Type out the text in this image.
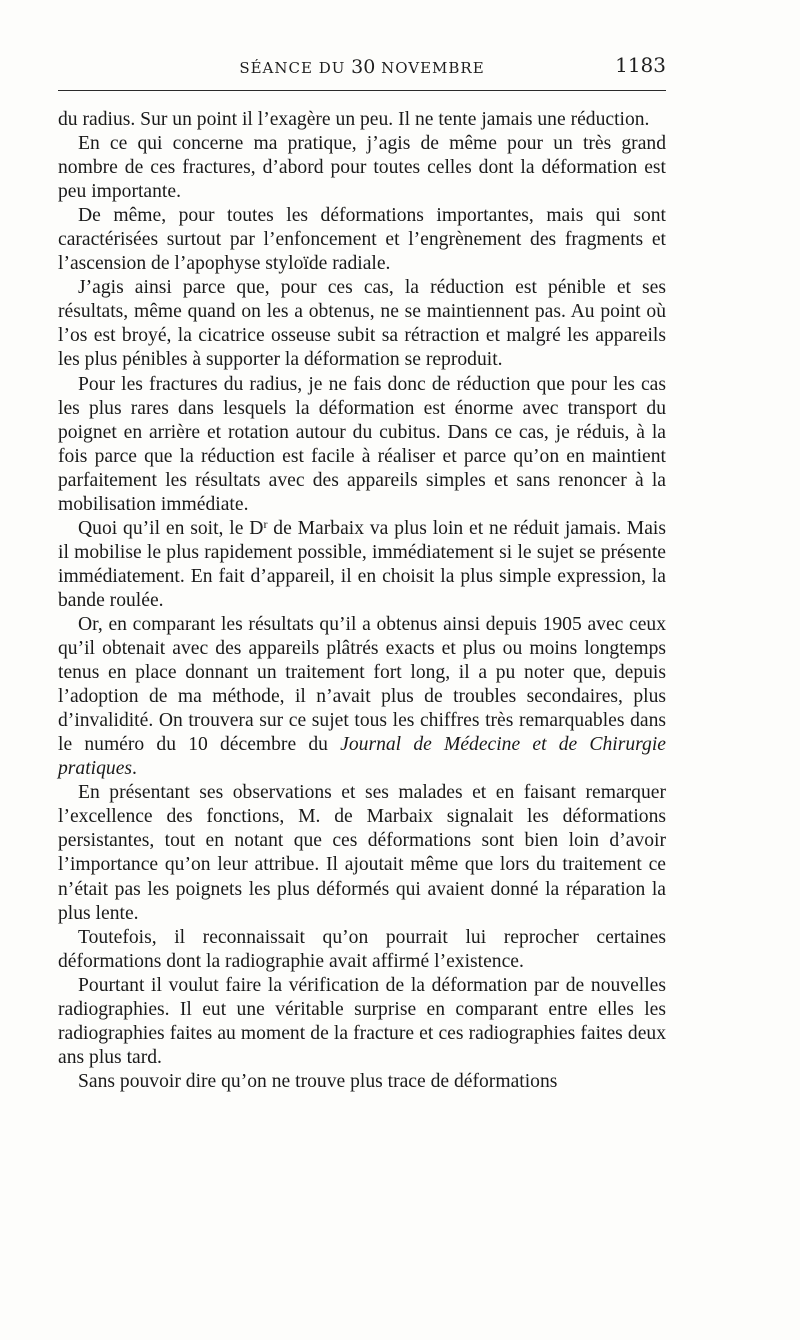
SÉANCE DU 30 NOVEMBRE	1183

du radius. Sur un point il l’exagère un peu. Il ne tente jamais une réduction.

En ce qui concerne ma pratique, j’agis de même pour un très grand nombre de ces fractures, d’abord pour toutes celles dont la déformation est peu importante.

De même, pour toutes les déformations importantes, mais qui sont caractérisées surtout par l’enfoncement et l’engrènement des fragments et l’ascension de l’apophyse styloïde radiale.

J’agis ainsi parce que, pour ces cas, la réduction est pénible et ses résultats, même quand on les a obtenus, ne se maintiennent pas. Au point où l’os est broyé, la cicatrice osseuse subit sa rétraction et malgré les appareils les plus pénibles à supporter la déformation se reproduit.

Pour les fractures du radius, je ne fais donc de réduction que pour les cas les plus rares dans lesquels la déformation est énorme avec transport du poignet en arrière et rotation autour du cubitus. Dans ce cas, je réduis, à la fois parce que la réduction est facile à réaliser et parce qu’on en maintient parfaitement les résultats avec des appareils simples et sans renoncer à la mobilisation immédiate.

Quoi qu’il en soit, le $D^r$ de Marbaix va plus loin et ne réduit jamais. Mais il mobilise le plus rapidement possible, immédiatement si le sujet se présente immédiatement. En fait d’appareil, il en choisit la plus simple expression, la bande roulée.

Or, en comparant les résultats qu’il a obtenus ainsi depuis 1905 avec ceux qu’il obtenait avec des appareils plâtrés exacts et plus ou moins longtemps tenus en place donnant un traitement fort long, il a pu noter que, depuis l’adoption de ma méthode, il n’avait plus de troubles secondaires, plus d’invalidité. On trouvera sur ce sujet tous les chiffres très remarquables dans le numéro du 10 décembre du Journal de Médecine et de Chirurgie pratiques.

En présentant ses observations et ses malades et en faisant remarquer l’excellence des fonctions, M. de Marbaix signalait les déformations persistantes, tout en notant que ces déformations sont bien loin d’avoir l’importance qu’on leur attribue. Il ajoutait même que lors du traitement ce n’était pas les poignets les plus déformés qui avaient donné la réparation la plus lente.

Toutefois, il reconnaissait qu’on pourrait lui reprocher certaines déformations dont la radiographie avait affirmé l’existence.

Pourtant il voulut faire la vérification de la déformation par de nouvelles radiographies. Il eut une véritable surprise en comparant entre elles les radiographies faites au moment de la fracture et ces radiographies faites deux ans plus tard.

Sans pouvoir dire qu’on ne trouve plus trace de déformations
